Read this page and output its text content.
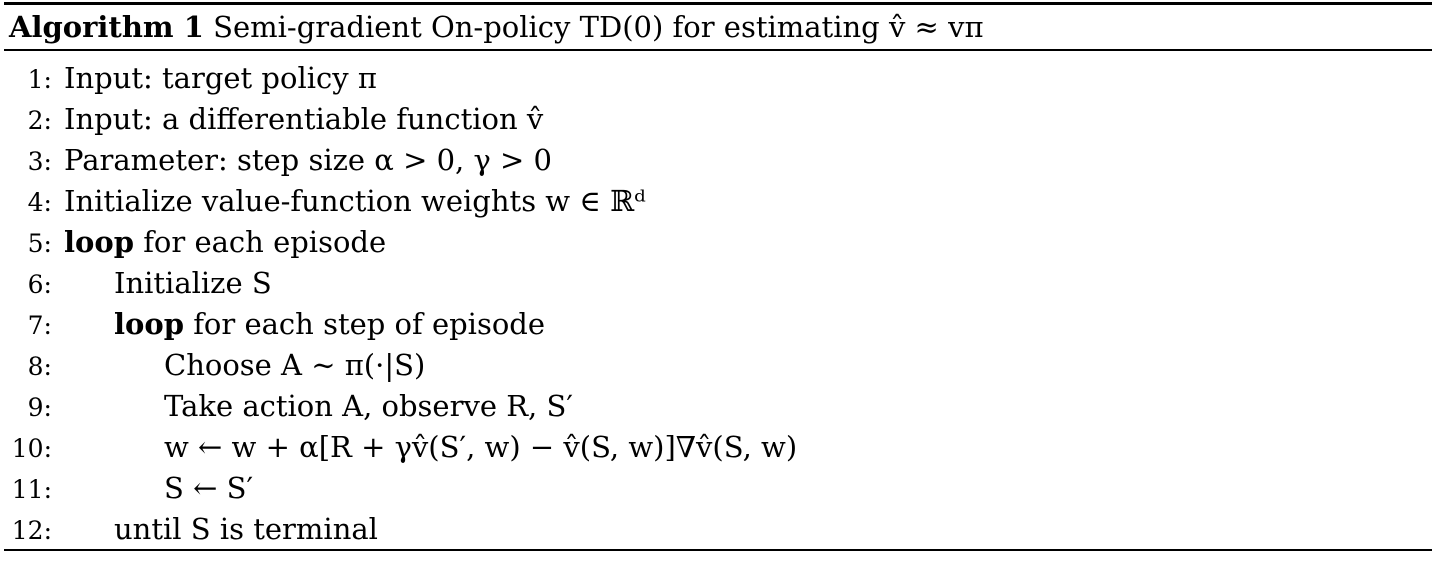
Algorithm 1 Semi-gradient On-policy TD(0) for estimating v̂ ≈ vπ
1: Input: target policy π
2: Input: a differentiable function v̂
3: Parameter: step size α > 0, γ > 0
4: Initialize value-function weights w ∈ ℝᵈ
5: loop for each episode
6: Initialize S
7: loop for each step of episode
8:	Choose A ∼ π(·|S)
9:	Take action A, observe R, S′
10:	w ← w + α[R + γv̂(S′, w) − v̂(S, w)]∇v̂(S, w)
11:	S ← S′
12: until S is terminal
